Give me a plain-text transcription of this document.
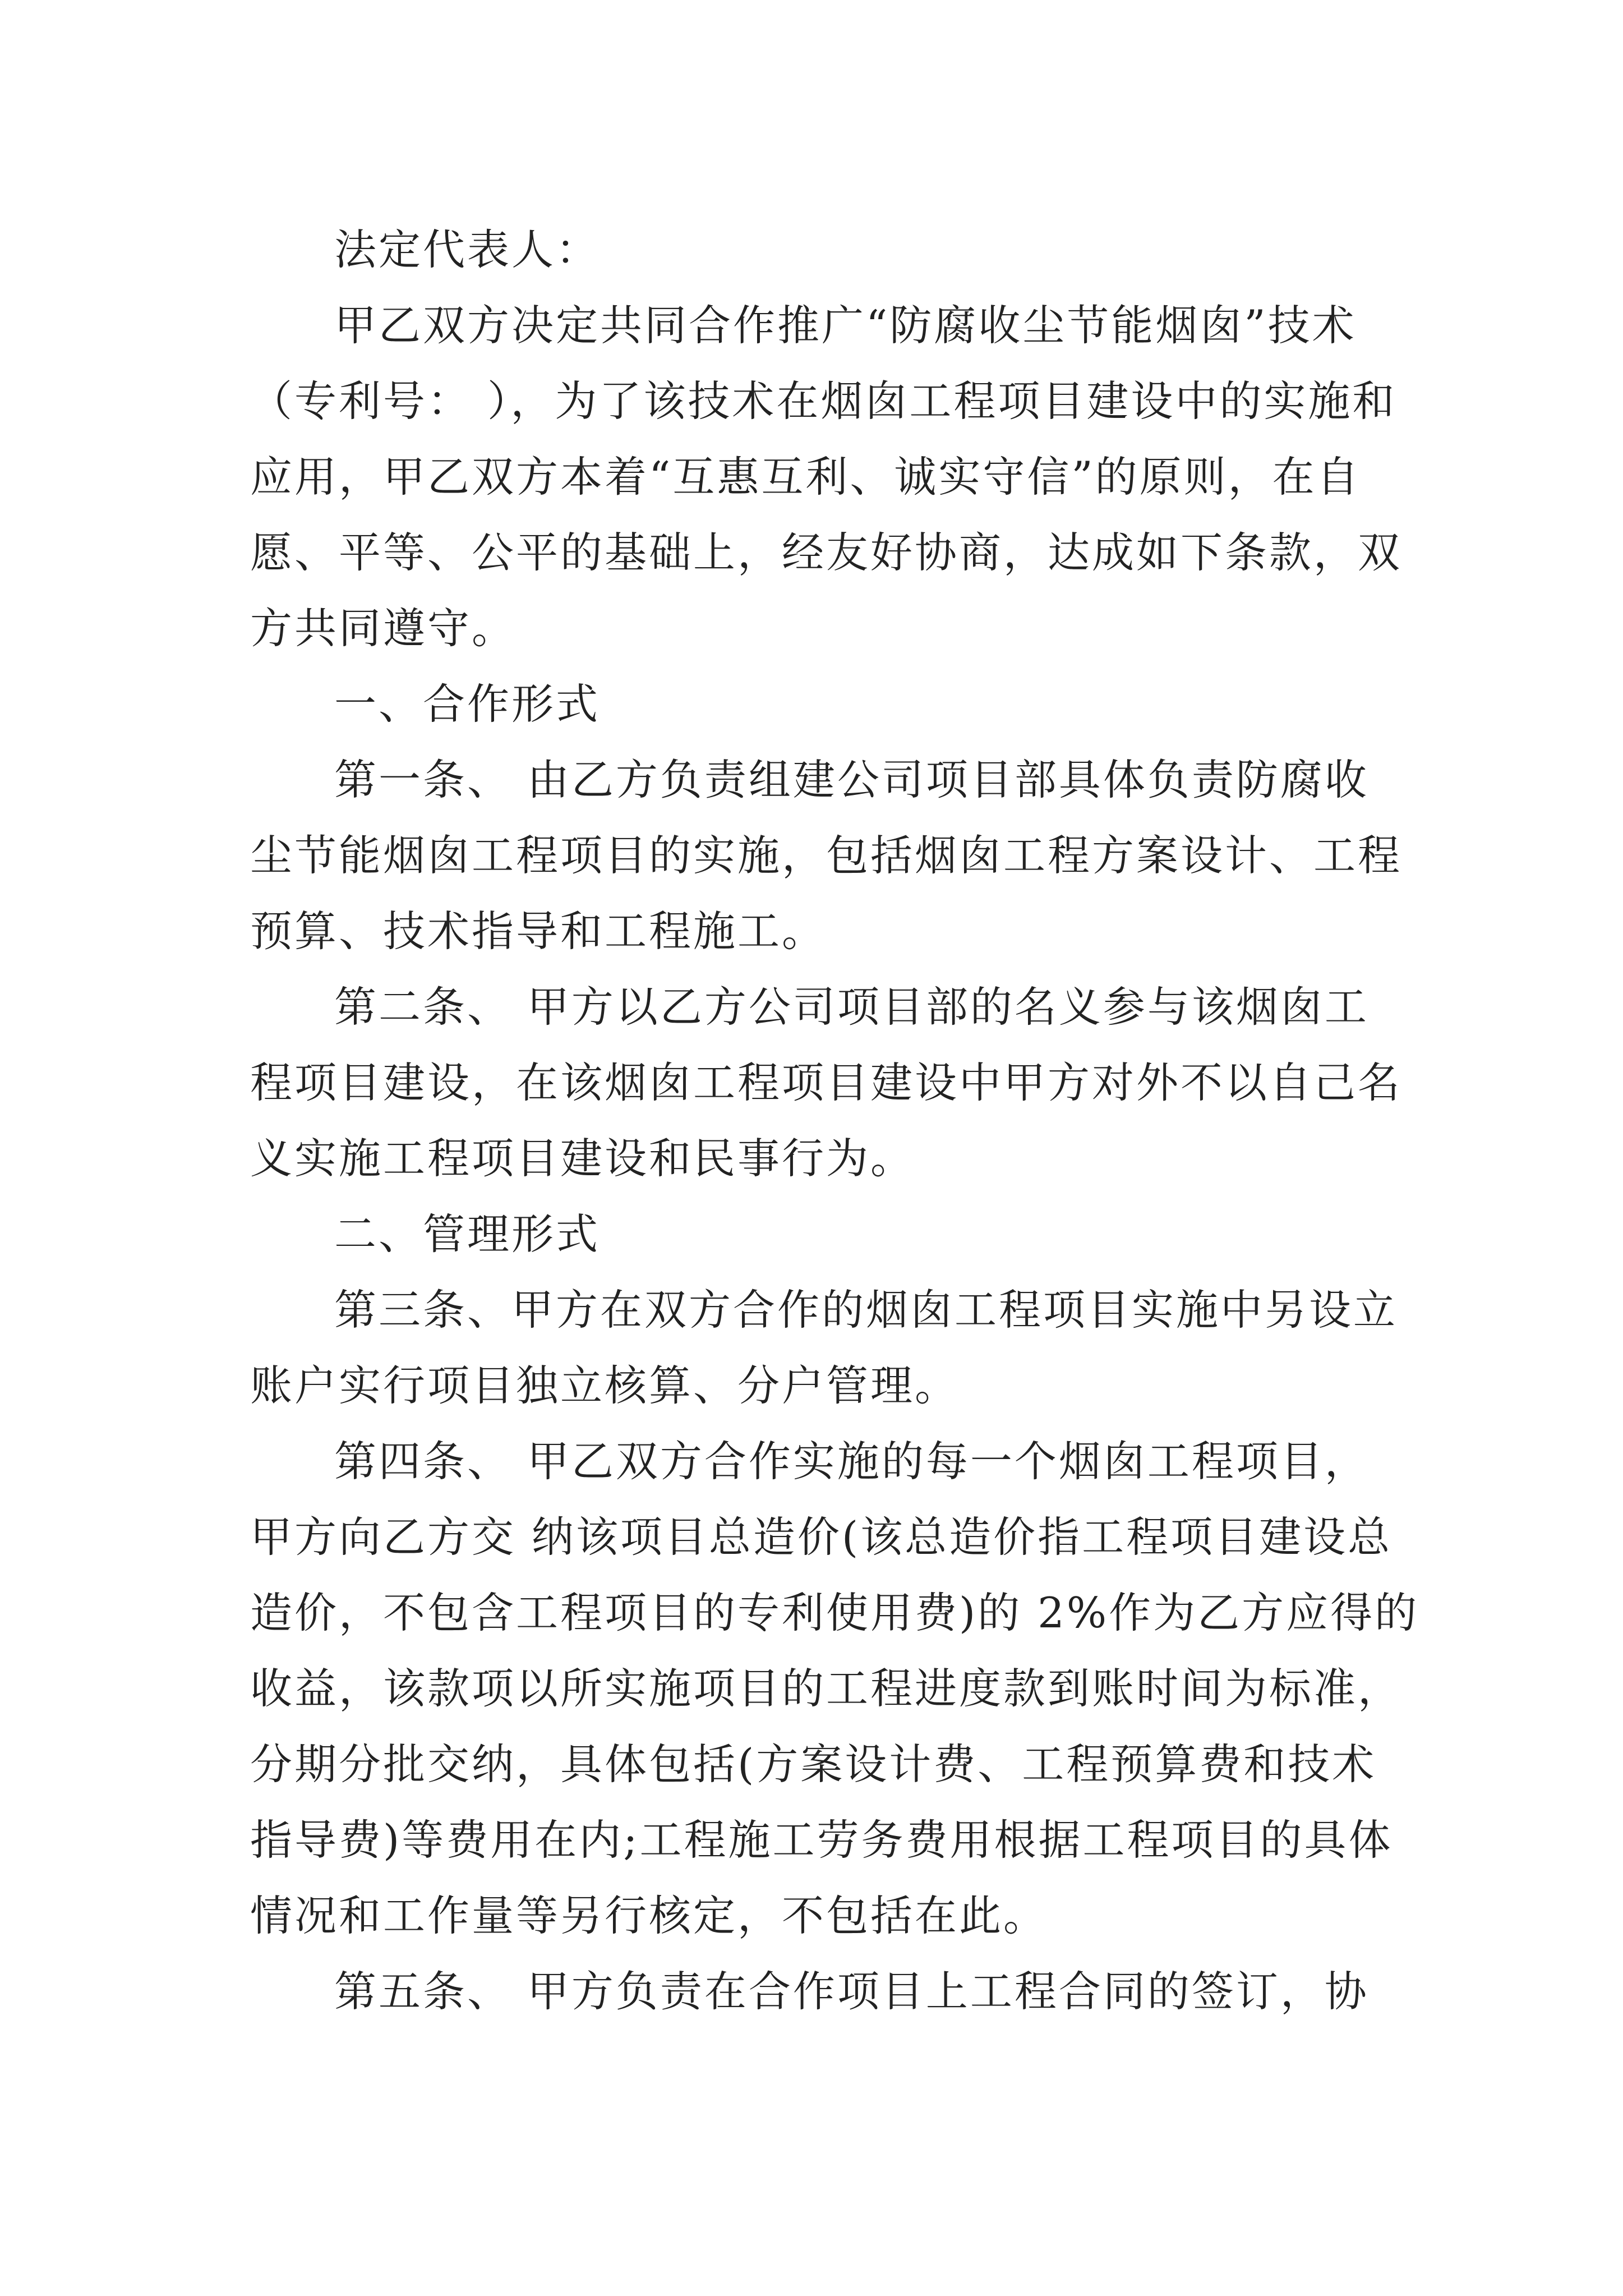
法定代表人：
甲乙双方决定共同合作推广“防腐收尘节能烟囱”技术
（专利号： ），为了该技术在烟囱工程项目建设中的实施和
应用，甲乙双方本着“互惠互利、诚实守信”的原则，在自
愿、平等、公平的基础上，经友好协商，达成如下条款，双
方共同遵守。
一、合作形式
第一条、 由乙方负责组建公司项目部具体负责防腐收
尘节能烟囱工程项目的实施，包括烟囱工程方案设计、工程
预算、技术指导和工程施工。
第二条、 甲方以乙方公司项目部的名义参与该烟囱工
程项目建设，在该烟囱工程项目建设中甲方对外不以自己名
义实施工程项目建设和民事行为。
二、管理形式
第三条、甲方在双方合作的烟囱工程项目实施中另设立
账户实行项目独立核算、分户管理。
第四条、 甲乙双方合作实施的每一个烟囱工程项目，
甲方向乙方交 纳该项目总造价(该总造价指工程项目建设总
造价，不包含工程项目的专利使用费)的 2%作为乙方应得的
收益，该款项以所实施项目的工程进度款到账时间为标准，
分期分批交纳，具体包括(方案设计费、工程预算费和技术
指导费)等费用在内;工程施工劳务费用根据工程项目的具体
情况和工作量等另行核定，不包括在此。
第五条、 甲方负责在合作项目上工程合同的签订，协
